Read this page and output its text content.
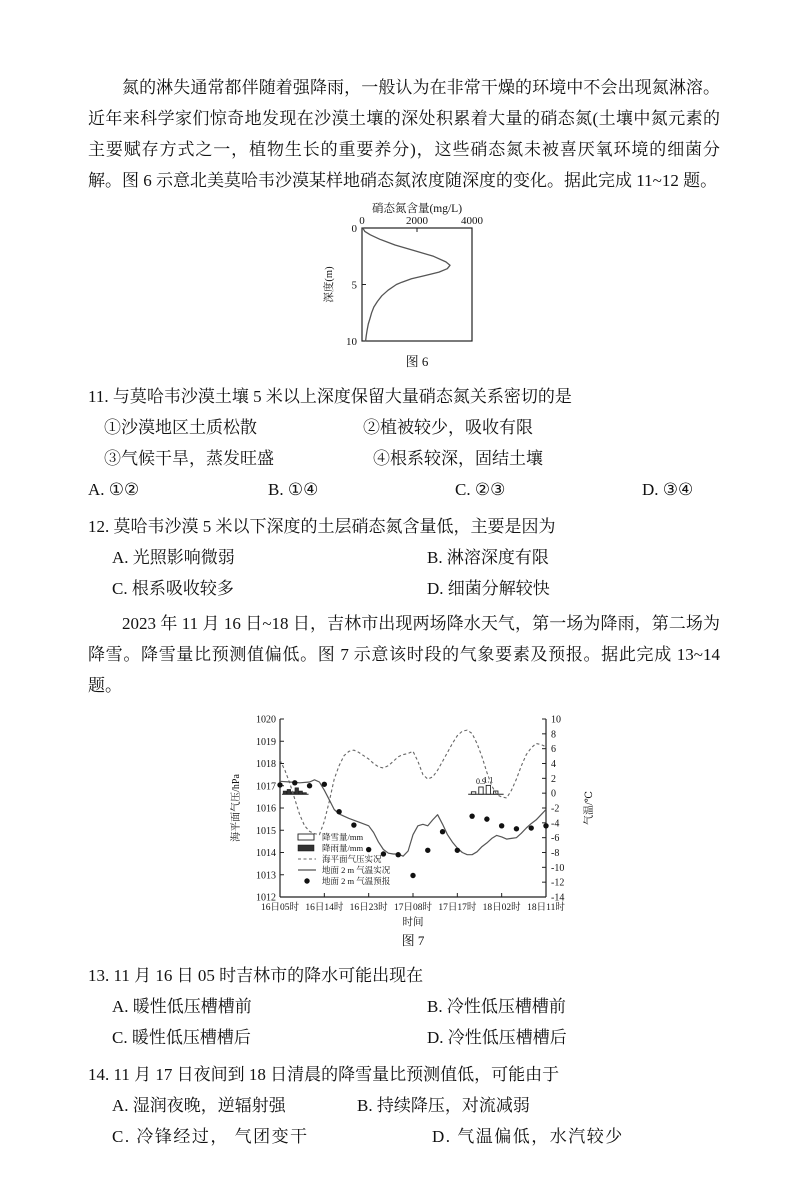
氮的淋失通常都伴随着强降雨，一般认为在非常干燥的环境中不会出现氮淋溶。近年来科学家们惊奇地发现在沙漠土壤的深处积累着大量的硝态氮(土壤中氮元素的主要赋存方式之一，植物生长的重要养分)，这些硝态氮未被喜厌氧环境的细菌分解。图 6 示意北美莫哈韦沙漠某样地硝态氮浓度随深度的变化。据此完成 11~12 题。

硝态氮含量(mg/L)
0	2000	4000
0
5
10
深度(m)
图 6
11. 与莫哈韦沙漠土壤 5 米以上深度保留大量硝态氮关系密切的是
①沙漠地区土质松散	②植被较少，吸收有限
③气候干旱，蒸发旺盛	④根系较深，固结土壤
A. ①②	B. ①④	C. ②③	D. ③④
12. 莫哈韦沙漠 5 米以下深度的土层硝态氮含量低，主要是因为
A. 光照影响微弱	B. 淋溶深度有限
C. 根系吸收较多	D. 细菌分解较快

2023 年 11 月 16 日~18 日，吉林市出现两场降水天气，第一场为降雨，第二场为降雪。降雪量比预测值偏低。图 7 示意该时段的气象要素及预报。据此完成 13~14 题。

1012
1013
1014
1015
1016
1017
1018
1019
1020	10
8
6
4
2
0
-2
-4
-6
-8
-10
-12
-14
16日05时 16日14时 16日23时 17日08时 17日17时 18日02时 18日11时
时间
海平面气压/hPa	气温/℃
0.9
1.1
降雪量/mm
降雨量/mm
海平面气压实况
地面 2 m 气温实况
地面 2 m 气温预报
图 7
13. 11 月 16 日 05 时吉林市的降水可能出现在
A. 暖性低压槽槽前	B. 冷性低压槽槽前
C. 暖性低压槽槽后	D. 冷性低压槽槽后
14. 11 月 17 日夜间到 18 日清晨的降雪量比预测值低，可能由于
A. 湿润夜晚，逆辐射强	B. 持续降压，对流减弱
C. 冷锋经过， 气团变干	D. 气温偏低，水汽较少
